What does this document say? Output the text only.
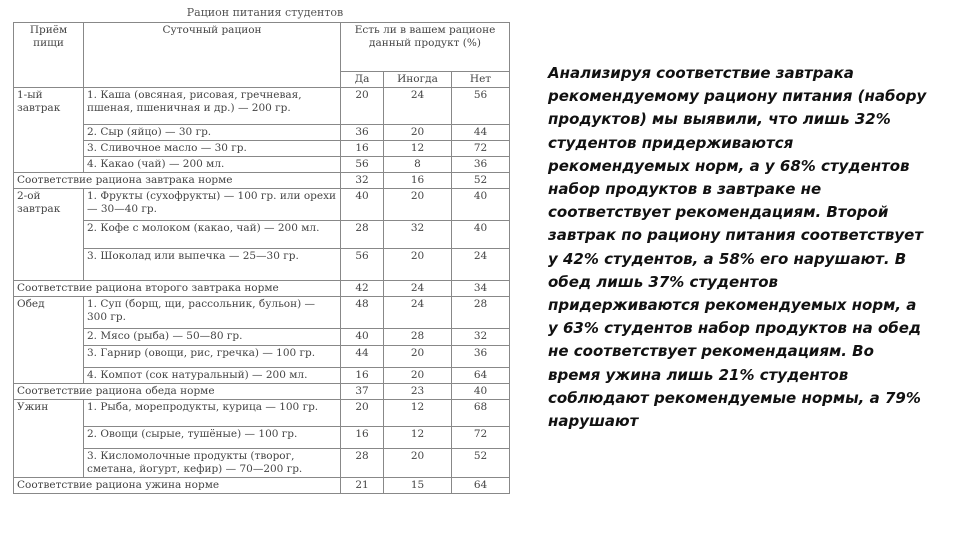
Рацион питания студентов
Приём пищи	Суточный рацион	Есть ли в вашем рационе данный продукт (%)		
		Да	Иногда	Нет
1-ый завтрак	1. Каша (овсяная, рисовая, гречневая, пшеная, пшеничная и др.) — 200 гр.	20	24	56
	2. Сыр (яйцо) — 30 гр.	36	20	44
	3. Сливочное масло — 30 гр.	16	12	72
	4. Какао (чай) — 200 мл.	56	8	36
Соответствие рациона завтрака норме		32	16	52
2-ой завтрак	1. Фрукты (сухофрукты) — 100 гр. или орехи — 30—40 гр.	40	20	40
	2. Кофе с молоком (какао, чай) — 200 мл.	28	32	40
	3. Шоколад или выпечка — 25—30 гр.	56	20	24
Соответствие рациона второго завтрака норме		42	24	34
Обед	1. Суп (борщ, щи, рассольник, бульон) — 300 гр.	48	24	28
	2. Мясо (рыба) — 50—80 гр.	40	28	32
	3. Гарнир (овощи, рис, гречка) — 100 гр.	44	20	36
	4. Компот (сок натуральный) — 200 мл.	16	20	64
Соответствие рациона обеда норме		37	23	40
Ужин	1. Рыба, морепродукты, курица — 100 гр.	20	12	68
	2. Овощи (сырые, тушёные) — 100 гр.	16	12	72
	3. Кисломолочные продукты (творог, сметана, йогурт, кефир) — 70—200 гр.	28	20	52
Соответствие рациона ужина норме		21	15	64

Анализируя соответствие завтрака рекомендуемому рациону питания (набору продуктов) мы выявили, что лишь 32% студентов придерживаются рекомендуемых норм, а у 68% студентов набор продуктов в завтраке не соответствует рекомендациям. Второй завтрак по рациону питания соответствует у 42% студентов, а 58% его нарушают. В обед лишь 37% студентов придерживаются рекомендуемых норм, а у 63% студентов набор продуктов на обед не соответствует рекомендациям. Во время ужина лишь 21% студентов соблюдают рекомендуемые нормы, а 79% нарушают
